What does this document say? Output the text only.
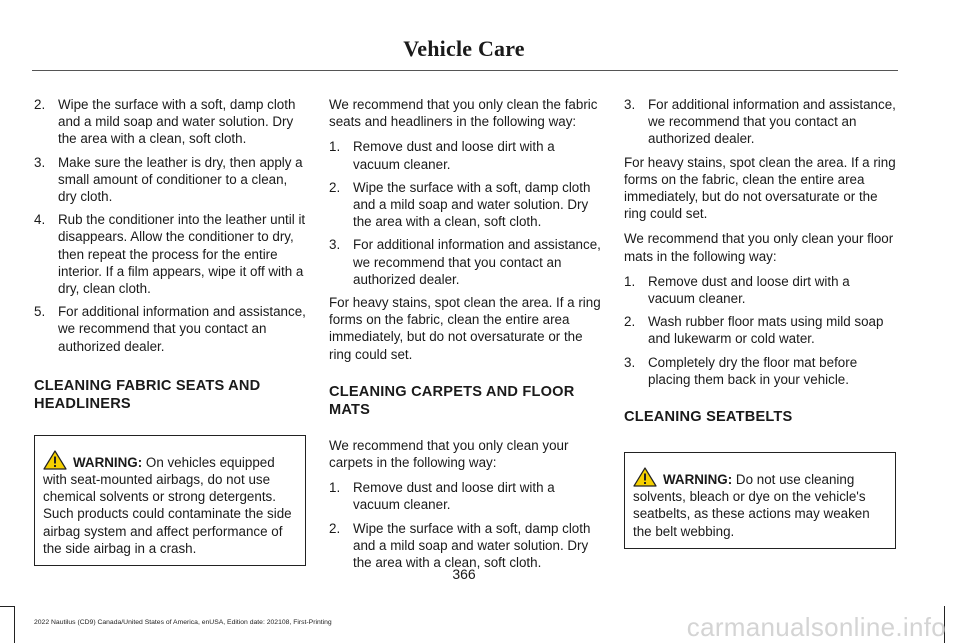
Vehicle Care
2. Wipe the surface with a soft, damp cloth and a mild soap and water solution. Dry the area with a clean, soft cloth.
3. Make sure the leather is dry, then apply a small amount of conditioner to a clean, dry cloth.
4. Rub the conditioner into the leather until it disappears. Allow the conditioner to dry, then repeat the process for the entire interior. If a film appears, wipe it off with a dry, clean cloth.
5. For additional information and assistance, we recommend that you contact an authorized dealer.
CLEANING FABRIC SEATS AND HEADLINERS
WARNING: On vehicles equipped with seat-mounted airbags, do not use chemical solvents or strong detergents. Such products could contaminate the side airbag system and affect performance of the side airbag in a crash.

We recommend that you only clean the fabric seats and headliners in the following way:

1. Remove dust and loose dirt with a vacuum cleaner.
2. Wipe the surface with a soft, damp cloth and a mild soap and water solution. Dry the area with a clean, soft cloth.
3. For additional information and assistance, we recommend that you contact an authorized dealer.

For heavy stains, spot clean the area. If a ring forms on the fabric, clean the entire area immediately, but do not oversaturate or the ring could set.

CLEANING CARPETS AND FLOOR MATS

We recommend that you only clean your carpets in the following way:

1. Remove dust and loose dirt with a vacuum cleaner.
2. Wipe the surface with a soft, damp cloth and a mild soap and water solution. Dry the area with a clean, soft cloth.
3. For additional information and assistance, we recommend that you contact an authorized dealer.

For heavy stains, spot clean the area. If a ring forms on the fabric, clean the entire area immediately, but do not oversaturate or the ring could set.

We recommend that you only clean your floor mats in the following way:

1. Remove dust and loose dirt with a vacuum cleaner.
2. Wash rubber floor mats using mild soap and lukewarm or cold water.
3. Completely dry the floor mat before placing them back in your vehicle.
CLEANING SEATBELTS
WARNING: Do not use cleaning solvents, bleach or dye on the vehicle's seatbelts, as these actions may weaken the belt webbing.
366
2022 Nautilus (CD9) Canada/United States of America, enUSA, Edition date: 202108, First-Printing	carmanualsonline.info
